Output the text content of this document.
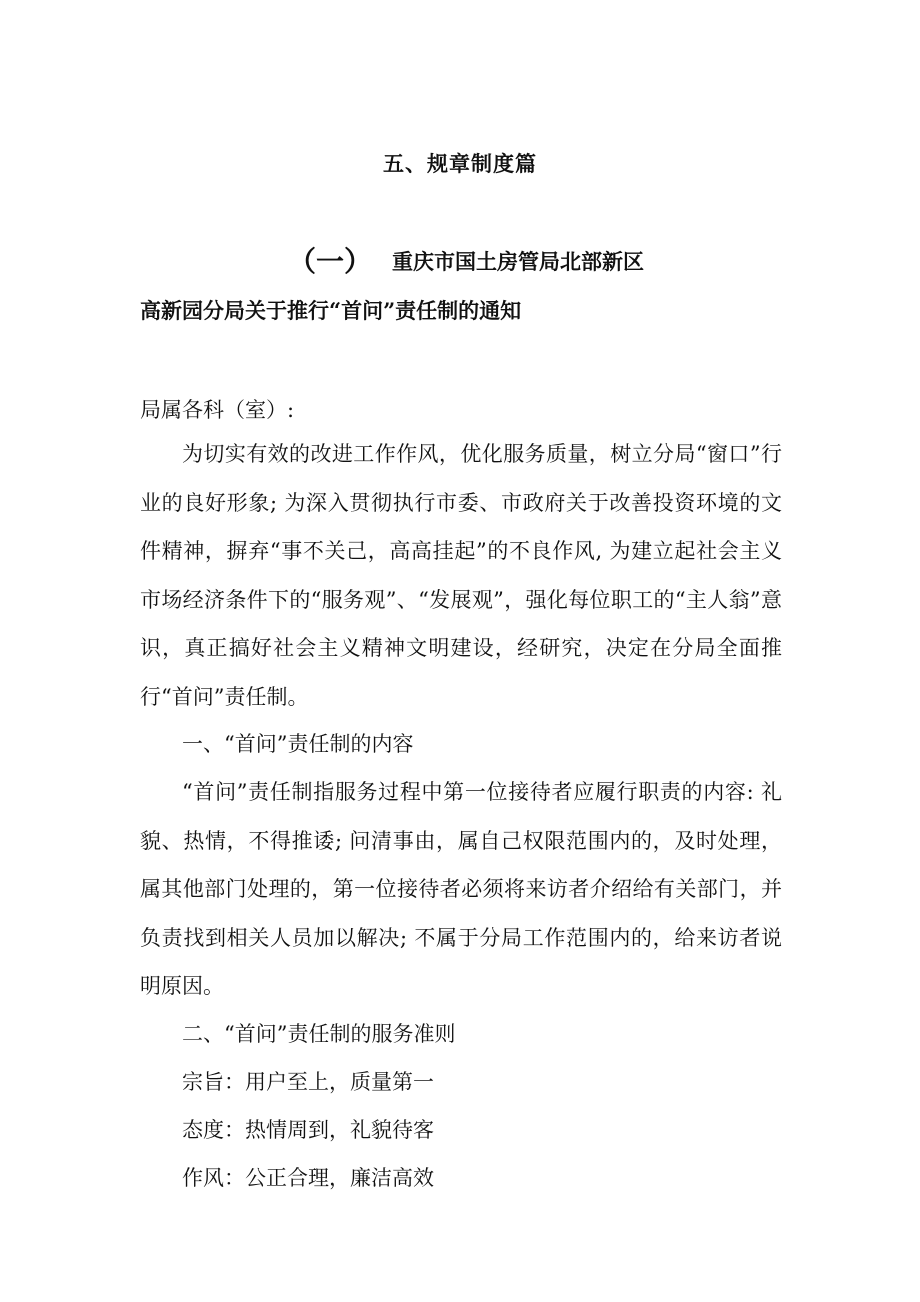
五、规章制度篇
（一） 重庆市国土房管局北部新区
高新园分局关于推行“首问”责任制的通知
局属各科（室）:
为切实有效的改进工作作风，优化服务质量，树立分局“窗口”行业的良好形象; 为深入贯彻执行市委、市政府关于改善投资环境的文件精神，摒弃“事不关己，高高挂起”的不良作风, 为建立起社会主义市场经济条件下的“服务观”、“发展观”，强化每位职工的“主人翁”意识，真正搞好社会主义精神文明建设，经研究，决定在分局全面推行“首问”责任制。
一、“首问”责任制的内容
“首问”责任制指服务过程中第一位接待者应履行职责的内容: 礼貌、热情，不得推诿; 问清事由，属自己权限范围内的，及时处理，属其他部门处理的，第一位接待者必须将来访者介绍给有关部门，并负责找到相关人员加以解决; 不属于分局工作范围内的，给来访者说明原因。
二、“首问”责任制的服务准则
宗旨：用户至上，质量第一
态度：热情周到，礼貌待客
作风：公正合理，廉洁高效
